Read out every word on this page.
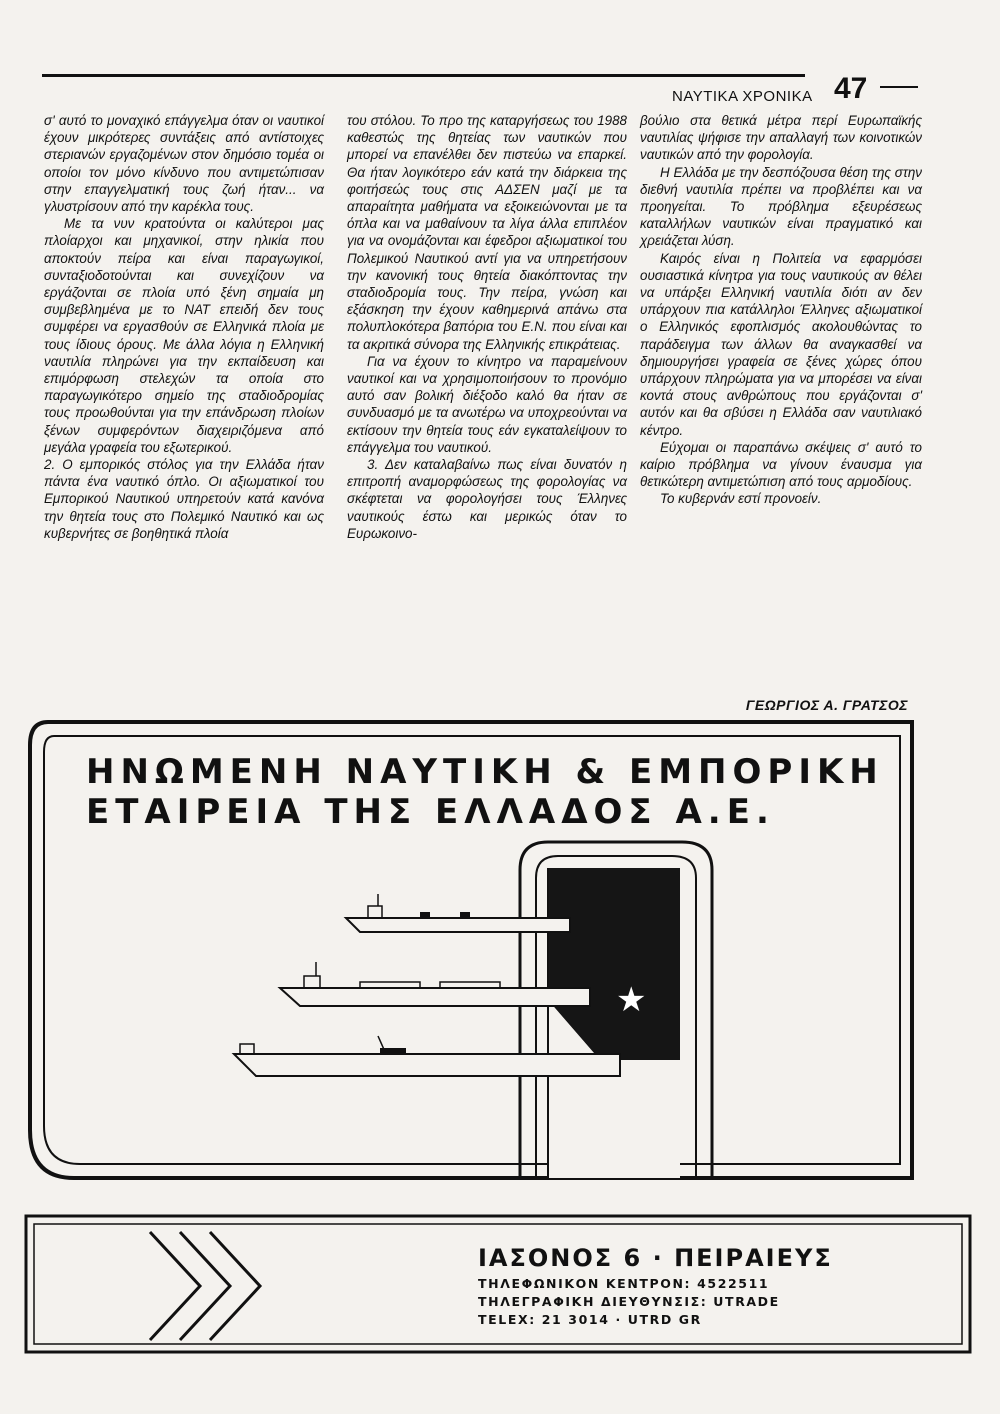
ΝΑΥΤΙΚΑ ΧΡΟΝΙΚΑ 47

σ' αυτό το μοναχικό επάγγελμα όταν οι ναυτικοί έχουν μικρότερες συντάξεις από αντίστοιχες στεριανών εργαζομένων στον δημόσιο τομέα οι οποίοι τον μόνο κίνδυνο που αντιμετώπισαν στην επαγγελματική τους ζωή ήταν... να γλυστρίσουν από την καρέκλα τους.

Με τα νυν κρατούντα οι καλύτεροι μας πλοίαρχοι και μηχανικοί, στην ηλικία που αποκτούν πείρα και είναι παραγωγικοί, συνταξιοδοτούνται και συνεχίζουν να εργάζονται σε πλοία υπό ξένη σημαία μη συμβεβλημένα με το ΝΑΤ επειδή δεν τους συμφέρει να εργασθούν σε Ελληνικά πλοία με τους ίδιους όρους. Με άλλα λόγια η Ελληνική ναυτιλία πληρώνει για την εκπαίδευση και επιμόρφωση στελεχών τα οποία στο παραγωγικότερο σημείο της σταδιοδρομίας τους προωθούνται για την επάνδρωση πλοίων ξένων συμφερόντων διαχειριζόμενα από μεγάλα γραφεία του εξωτερικού.

2. Ο εμπορικός στόλος για την Ελλάδα ήταν πάντα ένα ναυτικό όπλο. Οι αξιωματικοί του Εμπορικού Ναυτικού υπηρετούν κατά κανόνα την θητεία τους στο Πολεμικό Ναυτικό και ως κυβερνήτες σε βοηθητικά πλοία

του στόλου. Το προ της καταργήσεως του 1988 καθεστώς της θητείας των ναυτικών που μπορεί να επανέλθει δεν πιστεύω να επαρκεί. Θα ήταν λογικότερο εάν κατά την διάρκεια της φοιτήσεώς τους στις ΑΔΣΕΝ μαζί με τα απαραίτητα μαθήματα να εξοικειώνονται με τα όπλα και να μαθαίνουν τα λίγα άλλα επιπλέον για να ονομάζονται και έφεδροι αξιωματικοί του Πολεμικού Ναυτικού αντί για να υπηρετήσουν την κανονική τους θητεία διακόπτοντας την σταδιοδρομία τους. Την πείρα, γνώση και εξάσκηση την έχουν καθημερινά απάνω στα πολυπλοκότερα βαπόρια του Ε.Ν. που είναι και τα ακριτικά σύνορα της Ελληνικής επικράτειας.

Για να έχουν το κίνητρο να παραμείνουν ναυτικοί και να χρησιμοποιήσουν το προνόμιο αυτό σαν βολική διέξοδο καλό θα ήταν σε συνδυασμό με τα ανωτέρω να υποχρεούνται να εκτίσουν την θητεία τους εάν εγκαταλείψουν το επάγγελμα του ναυτικού.

3. Δεν καταλαβαίνω πως είναι δυνατόν η επιτροπή αναμορφώσεως της φορολογίας να σκέφτεται να φορολογήσει τους Έλληνες ναυτικούς έστω και μερικώς όταν το Ευρωκοινο-

βούλιο στα θετικά μέτρα περί Ευρωπαϊκής ναυτιλίας ψήφισε την απαλλαγή των κοινοτικών ναυτικών από την φορολογία.

Η Ελλάδα με την δεσπόζουσα θέση της στην διεθνή ναυτιλία πρέπει να προβλέπει και να προηγείται. Το πρόβλημα εξευρέσεως καταλλήλων ναυτικών είναι πραγματικό και χρειάζεται λύση.

Καιρός είναι η Πολιτεία να εφαρμόσει ουσιαστικά κίνητρα για τους ναυτικούς αν θέλει να υπάρξει Ελληνική ναυτιλία διότι αν δεν υπάρχουν πια κατάλληλοι Έλληνες αξιωματικοί ο Ελληνικός εφοπλισμός ακολουθώντας το παράδειγμα των άλλων θα αναγκασθεί να δημιουργήσει γραφεία σε ξένες χώρες όπου υπάρχουν πληρώματα για να μπορέσει να είναι κοντά στους ανθρώπους που εργάζονται σ' αυτόν και θα σβύσει η Ελλάδα σαν ναυτιλιακό κέντρο.

Εύχομαι οι παραπάνω σκέψεις σ' αυτό το καίριο πρόβλημα να γίνουν έναυσμα για θετικώτερη αντιμετώπιση από τους αρμοδίους.

Το κυβερνάν εστί προνοείν.

ΓΕΩΡΓΙΟΣ Α. ΓΡΑΤΣΟΣ
★
ΗΝΩΜΕΝΗ ΝΑΥΤΙΚΗ & ΕΜΠΟΡΙΚΗ
ΕΤΑΙΡΕΙΑ ΤΗΣ ΕΛΛΑΔΟΣ Α.Ε.
ΙΑΣΟΝΟΣ 6 · ΠΕΙΡΑΙΕΥΣ
ΤΗΛΕΦΩΝΙΚΟΝ ΚΕΝΤΡΟΝ: 4522511
ΤΗΛΕΓΡΑΦΙΚΗ ΔΙΕΥΘΥΝΣΙΣ: UTRADE
TELEX: 21 3014 · UTRD GR
